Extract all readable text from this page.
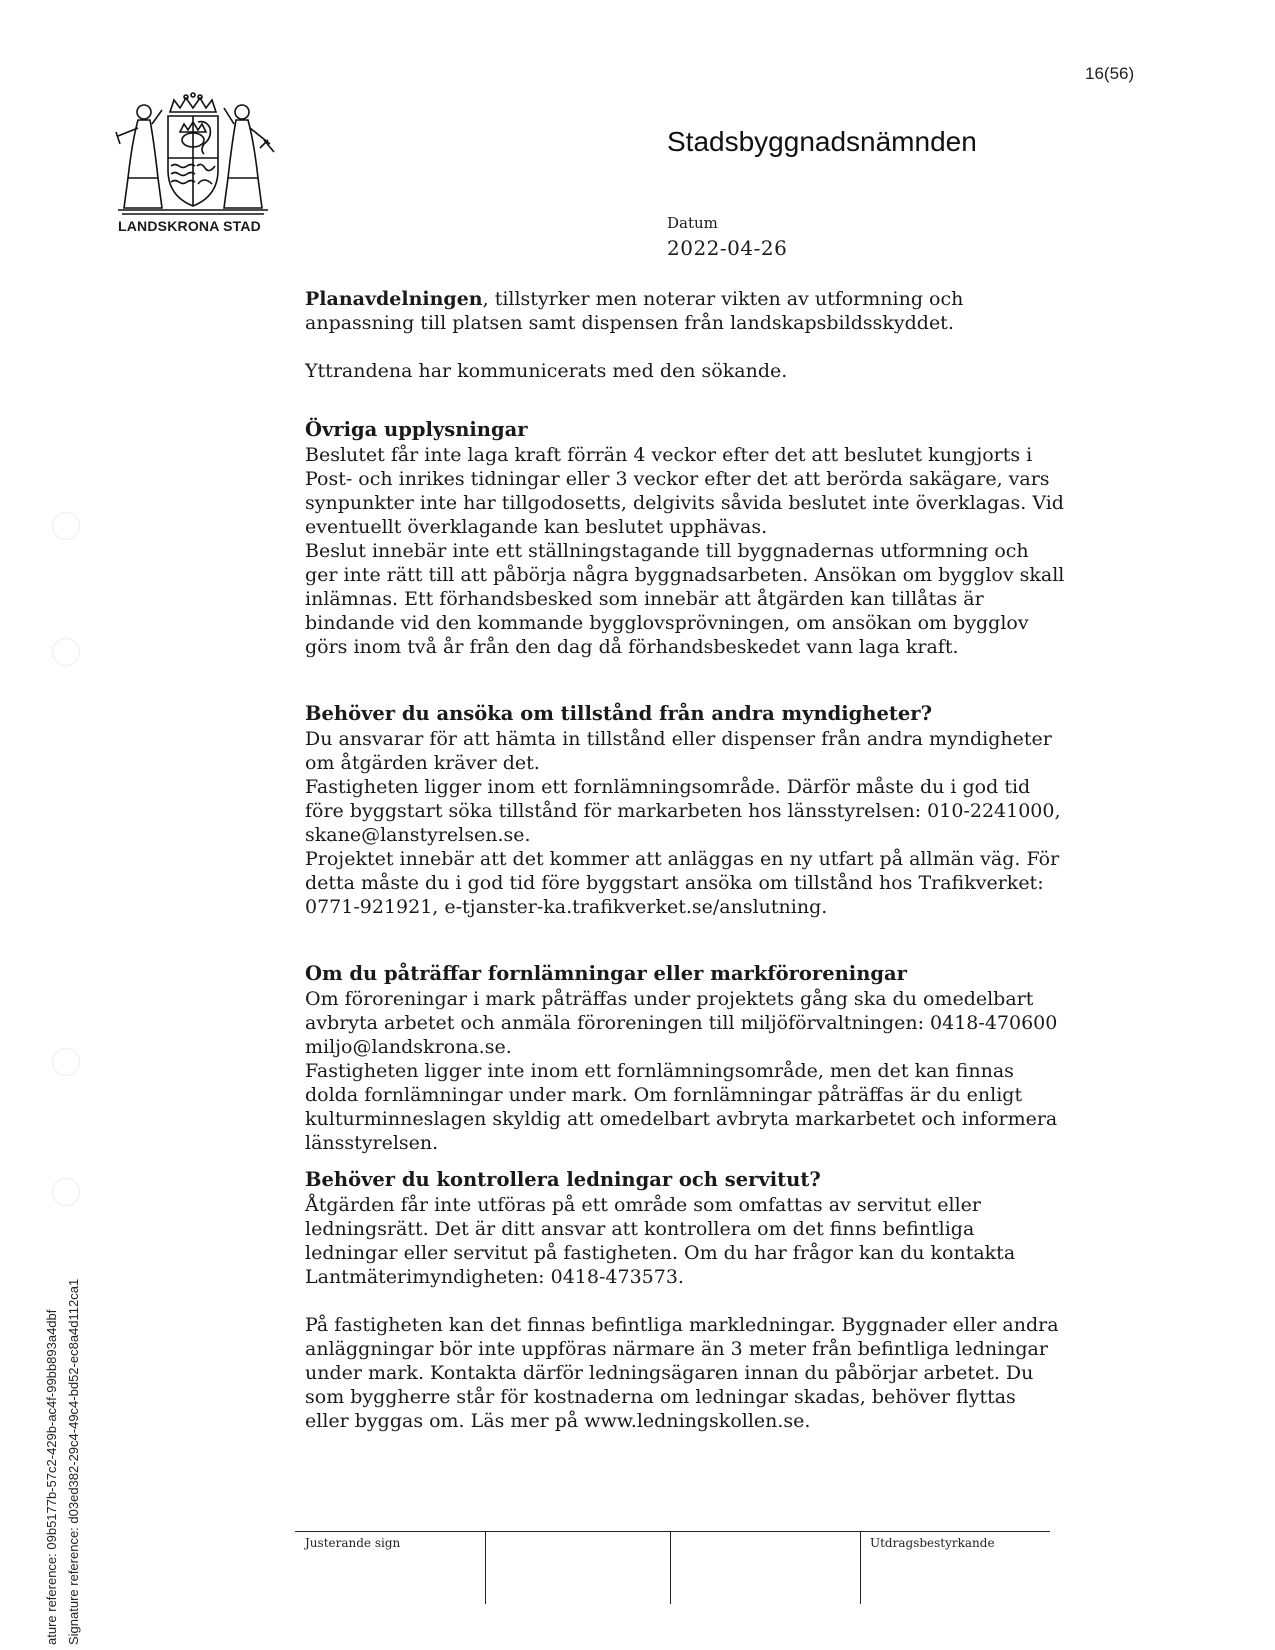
16(56)
LANDSKRONA STAD
Stadsbyggnadsnämnden
Datum
2022-04-26

Planavdelningen, tillstyrker men noterar vikten av utformning och anpassning till platsen samt dispensen från landskapsbildsskyddet.

Yttrandena har kommunicerats med den sökande.

Övriga upplysningar

Beslutet får inte laga kraft förrän 4 veckor efter det att beslutet kungjorts i Post- och inrikes tidningar eller 3 veckor efter det att berörda sakägare, vars synpunkter inte har tillgodosetts, delgivits såvida beslutet inte överklagas. Vid eventuellt överklagande kan beslutet upphävas.

Beslut innebär inte ett ställningstagande till byggnadernas utformning och ger inte rätt till att påbörja några byggnadsarbeten. Ansökan om bygglov skall inlämnas. Ett förhandsbesked som innebär att åtgärden kan tillåtas är bindande vid den kommande bygglovsprövningen, om ansökan om bygglov görs inom två år från den dag då förhandsbeskedet vann laga kraft.

Behöver du ansöka om tillstånd från andra myndigheter?

Du ansvarar för att hämta in tillstånd eller dispenser från andra myndigheter om åtgärden kräver det.

Fastigheten ligger inom ett fornlämningsområde. Därför måste du i god tid före byggstart söka tillstånd för markarbeten hos länsstyrelsen: 010-2241000, skane@lanstyrelsen.se.

Projektet innebär att det kommer att anläggas en ny utfart på allmän väg. För detta måste du i god tid före byggstart ansöka om tillstånd hos Trafikverket: 0771-921921, e-tjanster-ka.trafikverket.se/anslutning.

Om du påträffar fornlämningar eller markföroreningar

Om föroreningar i mark påträffas under projektets gång ska du omedelbart avbryta arbetet och anmäla föroreningen till miljöförvaltningen: 0418-470600 miljo@landskrona.se.

Fastigheten ligger inte inom ett fornlämningsområde, men det kan finnas dolda fornlämningar under mark. Om fornlämningar påträffas är du enligt kulturminneslagen skyldig att omedelbart avbryta markarbetet och informera länsstyrelsen.

Behöver du kontrollera ledningar och servitut?

Åtgärden får inte utföras på ett område som omfattas av servitut eller ledningsrätt. Det är ditt ansvar att kontrollera om det finns befintliga ledningar eller servitut på fastigheten. Om du har frågor kan du kontakta Lantmäterimyndigheten: 0418-473573.

På fastigheten kan det finnas befintliga markledningar. Byggnader eller andra anläggningar bör inte uppföras närmare än 3 meter från befintliga ledningar under mark. Kontakta därför ledningsägaren innan du påbörjar arbetet. Du som byggherre står för kostnaderna om ledningar skadas, behöver flyttas eller byggas om. Läs mer på www.ledningskollen.se.

Justerande sign	Utdragsbestyrkande
ature reference: 09b5177b-57c2-429b-ac4f-99bb893a4dbf Signature reference: d03ed382-29c4-49c4-bd52-ec8a4d112ca1
